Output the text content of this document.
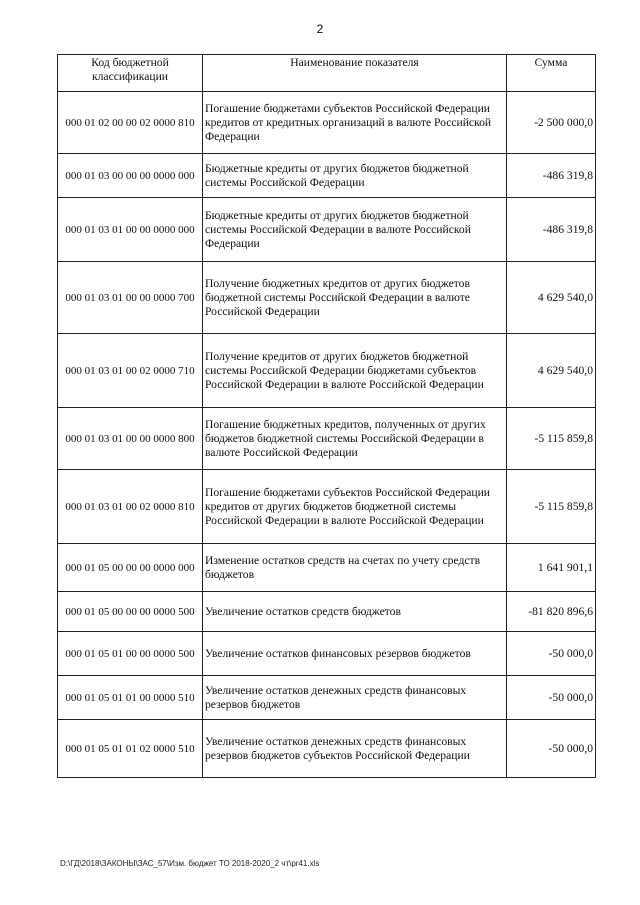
2
Код бюджетной классификации	Наименование показателя	Сумма
000 01 02 00 00 02 0000 810	Погашение бюджетами субъектов Российской Федерации кредитов от кредитных организаций в валюте Российской Федерации	-2 500 000,0
000 01 03 00 00 00 0000 000	Бюджетные кредиты от других бюджетов бюджетной системы Российской Федерации	-486 319,8
000 01 03 01 00 00 0000 000	Бюджетные кредиты от других бюджетов бюджетной системы Российской Федерации в валюте Российской Федерации	-486 319,8
000 01 03 01 00 00 0000 700	Получение бюджетных кредитов от других бюджетов бюджетной системы Российской Федерации в валюте Российской Федерации	4 629 540,0
000 01 03 01 00 02 0000 710	Получение кредитов от других бюджетов бюджетной системы Российской Федерации бюджетами субъектов Российской Федерации в валюте Российской Федерации	4 629 540,0
000 01 03 01 00 00 0000 800	Погашение бюджетных кредитов, полученных от других бюджетов бюджетной системы Российской Федерации в валюте Российской Федерации	-5 115 859,8
000 01 03 01 00 02 0000 810	Погашение бюджетами субъектов Российской Федерации кредитов от других бюджетов бюджетной системы Российской Федерации в валюте Российской Федерации	-5 115 859,8
000 01 05 00 00 00 0000 000	Изменение остатков средств на счетах по учету средств бюджетов	1 641 901,1
000 01 05 00 00 00 0000 500	Увеличение остатков средств бюджетов	-81 820 896,6
000 01 05 01 00 00 0000 500	Увеличение остатков финансовых резервов бюджетов	-50 000,0
000 01 05 01 01 00 0000 510	Увеличение остатков денежных средств финансовых резервов бюджетов	-50 000,0
000 01 05 01 01 02 0000 510	Увеличение остатков денежных средств финансовых резервов бюджетов субъектов Российской Федерации	-50 000,0
D:\ГД\2018\ЗАКОНЫ\ЗАС_57\Изм. бюджет ТО 2018-2020_2 чт\pr41.xls
